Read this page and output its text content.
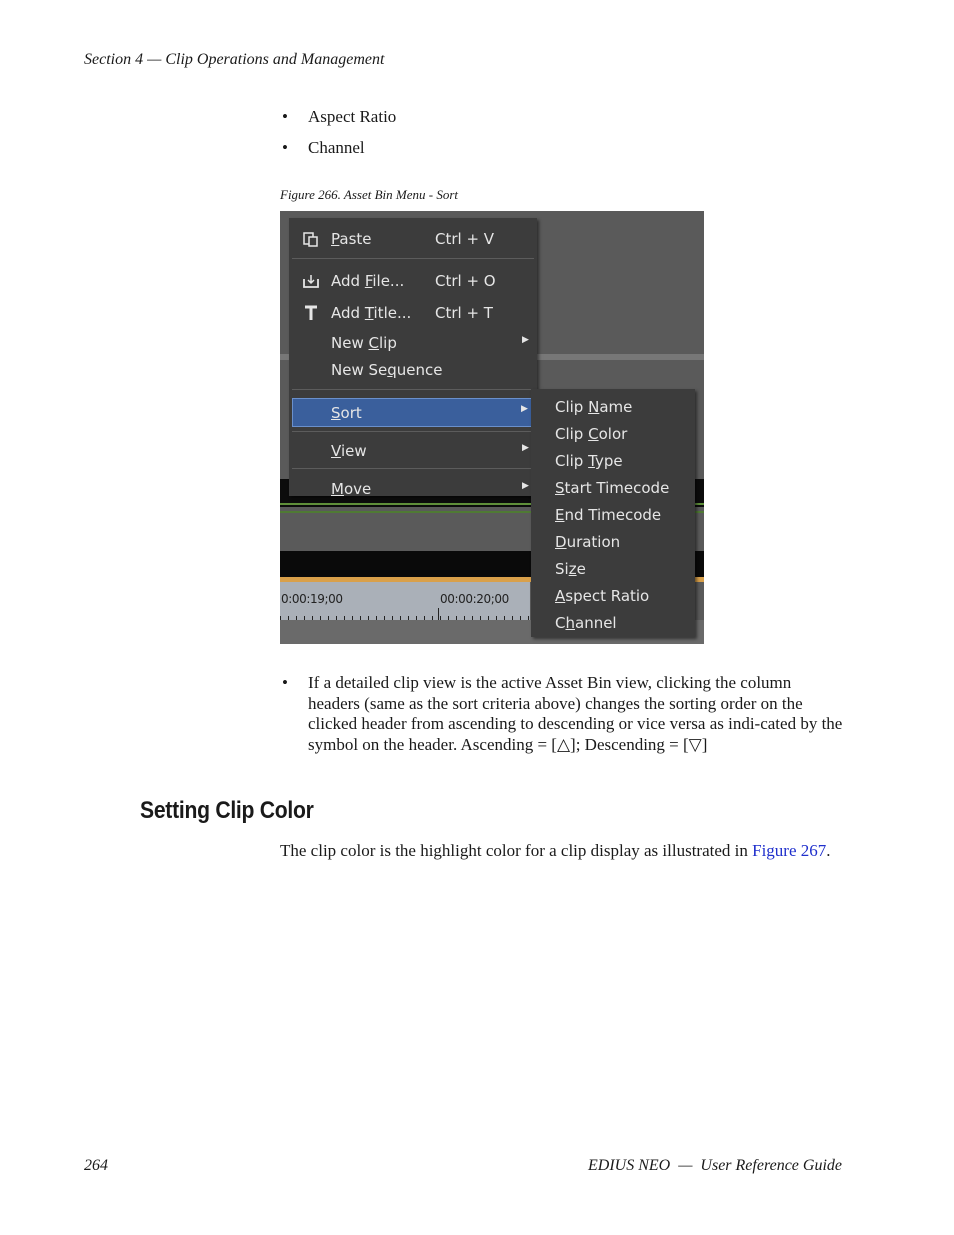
Section 4 — Clip Operations and Management
• Aspect Ratio
• Channel
Figure 266. Asset Bin Menu - Sort
0:00:19;00	00:00:20;00
Paste	Ctrl + V
Add File... Ctrl + O
Add Title... Ctrl + T
New Clip	▶
New Sequence
Sort	▶
View	▶
Move	▶
Clip Name
Clip Color
Clip Type
Start Timecode
End Timecode
Duration
Size
Aspect Ratio
Channel
• If a detailed clip view is the active Asset Bin view, clicking the column headers (same as the sort criteria above) changes the sorting order on the clicked header from ascending to descending or vice versa as indi-cated by the symbol on the header. Ascending = [△]; Descending = [▽]
Setting Clip Color
The clip color is the highlight color for a clip display as illustrated in Figure 267.
264	EDIUS NEO  —  User Reference Guide
